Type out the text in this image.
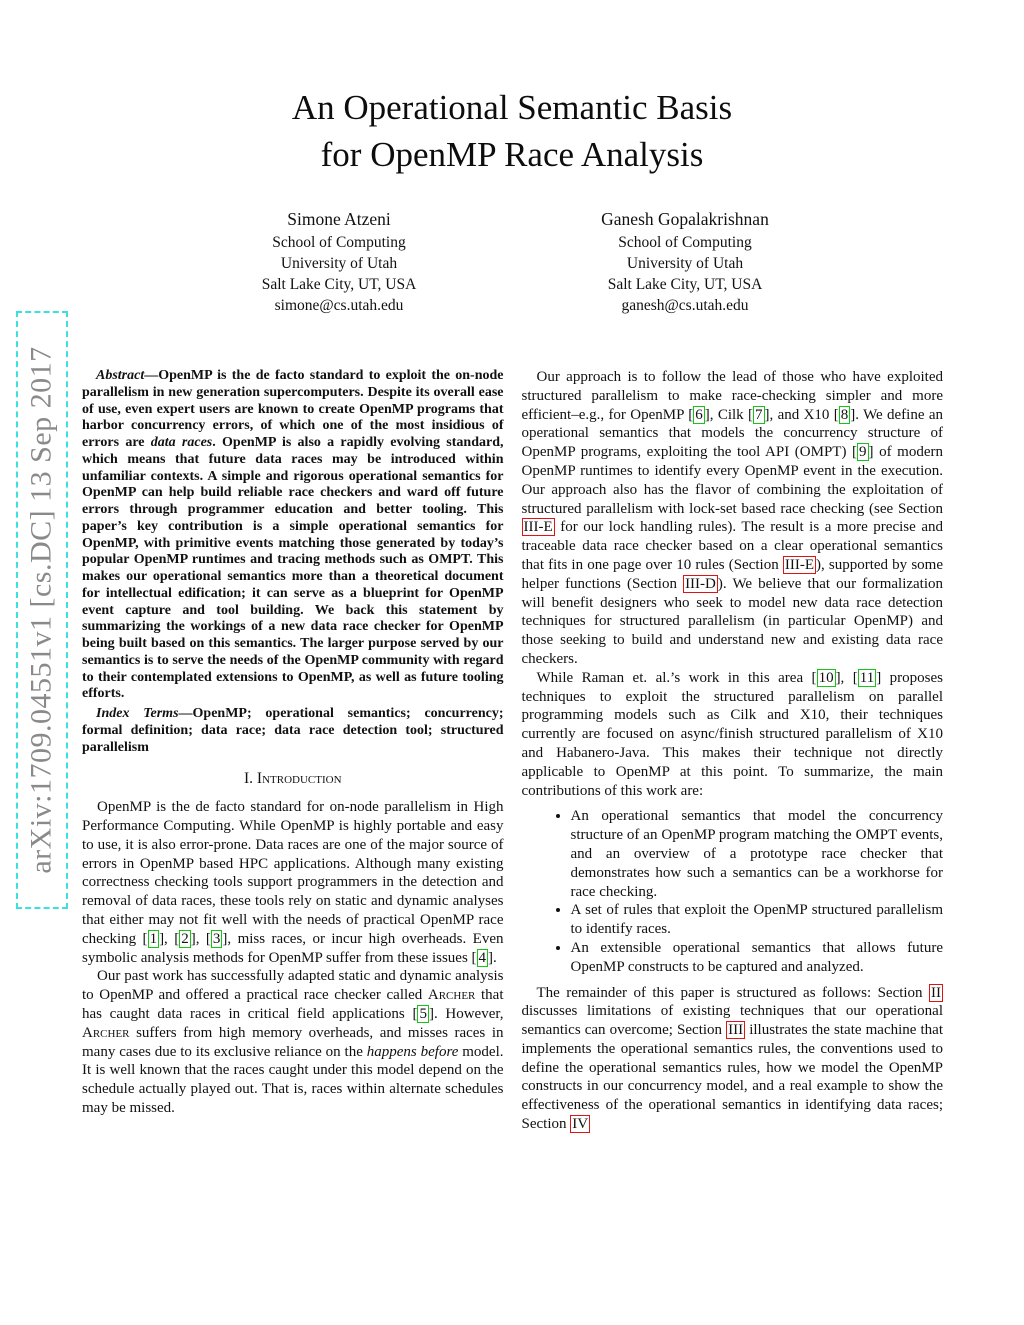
arXiv:1709.04551v1 [cs.DC] 13 Sep 2017
An Operational Semantic Basis
for OpenMP Race Analysis
Simone Atzeni
School of Computing
University of Utah
Salt Lake City, UT, USA
simone@cs.utah.edu
Ganesh Gopalakrishnan
School of Computing
University of Utah
Salt Lake City, UT, USA
ganesh@cs.utah.edu

Abstract—OpenMP is the de facto standard to exploit the on-node parallelism in new generation supercomputers. Despite its overall ease of use, even expert users are known to create OpenMP programs that harbor concurrency errors, of which one of the most insidious of errors are data races. OpenMP is also a rapidly evolving standard, which means that future data races may be introduced within unfamiliar contexts. A simple and rigorous operational semantics for OpenMP can help build reliable race checkers and ward off future errors through programmer education and better tooling. This paper’s key contribution is a simple operational semantics for OpenMP, with primitive events matching those generated by today’s popular OpenMP runtimes and tracing methods such as OMPT. This makes our operational semantics more than a theoretical document for intellectual edification; it can serve as a blueprint for OpenMP event capture and tool building. We back this statement by summarizing the workings of a new data race checker for OpenMP being built based on this semantics. The larger purpose served by our semantics is to serve the needs of the OpenMP community with regard to their contemplated extensions to OpenMP, as well as future tooling efforts.

Index Terms—OpenMP; operational semantics; concurrency; formal definition; data race; data race detection tool; structured parallelism

I. Introduction

OpenMP is the de facto standard for on-node parallelism in High Performance Computing. While OpenMP is highly portable and easy to use, it is also error-prone. Data races are one of the major source of errors in OpenMP based HPC applications. Although many existing correctness checking tools support programmers in the detection and removal of data races, these tools rely on static and dynamic analyses that either may not fit well with the needs of practical OpenMP race checking [ 1 ], [ 2 ], [ 3 ], miss races, or incur high overheads. Even symbolic analysis methods for OpenMP suffer from these issues [ 4 ].

Our past work has successfully adapted static and dynamic analysis to OpenMP and offered a practical race checker called Archer that has caught data races in critical field applications [ 5 ]. However, Archer suffers from high memory overheads, and misses races in many cases due to its exclusive reliance on the happens before model. It is well known that the races caught under this model depend on the schedule actually played out. That is, races within alternate schedules may be missed.

Our approach is to follow the lead of those who have exploited structured parallelism to make race-checking simpler and more efficient–e.g., for OpenMP [ 6 ], Cilk [ 7 ], and X10 [ 8 ]. We define an operational semantics that models the concurrency structure of OpenMP programs, exploiting the tool API (OMPT) [ 9 ] of modern OpenMP runtimes to identify every OpenMP event in the execution. Our approach also has the flavor of combining the exploitation of structured parallelism with lock-set based race checking (see Section III-E for our lock handling rules). The result is a more precise and traceable data race checker based on a clear operational semantics that fits in one page over 10 rules (Section III-E ), supported by some helper functions (Section III-D ). We believe that our formalization will benefit designers who seek to model new data race detection techniques for structured parallelism (in particular OpenMP) and those seeking to build and understand new and existing data race checkers.

While Raman et. al.’s work in this area [ 10 ], [ 11 ] proposes techniques to exploit the structured parallelism on parallel programming models such as Cilk and X10, their techniques currently are focused on async/finish structured parallelism of X10 and Habanero-Java. This makes their technique not directly applicable to OpenMP at this point. To summarize, the main contributions of this work are:

• An operational semantics that model the concurrency structure of an OpenMP program matching the OMPT events, and an overview of a prototype race checker that demonstrates how such a semantics can be a workhorse for race checking.
• A set of rules that exploit the OpenMP structured parallelism to identify races.
• An extensible operational semantics that allows future OpenMP constructs to be captured and analyzed.

The remainder of this paper is structured as follows: Section II discusses limitations of existing techniques that our operational semantics can overcome; Section III illustrates the state machine that implements the operational semantics rules, the conventions used to define the operational semantics rules, how we model the OpenMP constructs in our concurrency model, and a real example to show the effectiveness of the operational semantics in identifying data races; Section IV
